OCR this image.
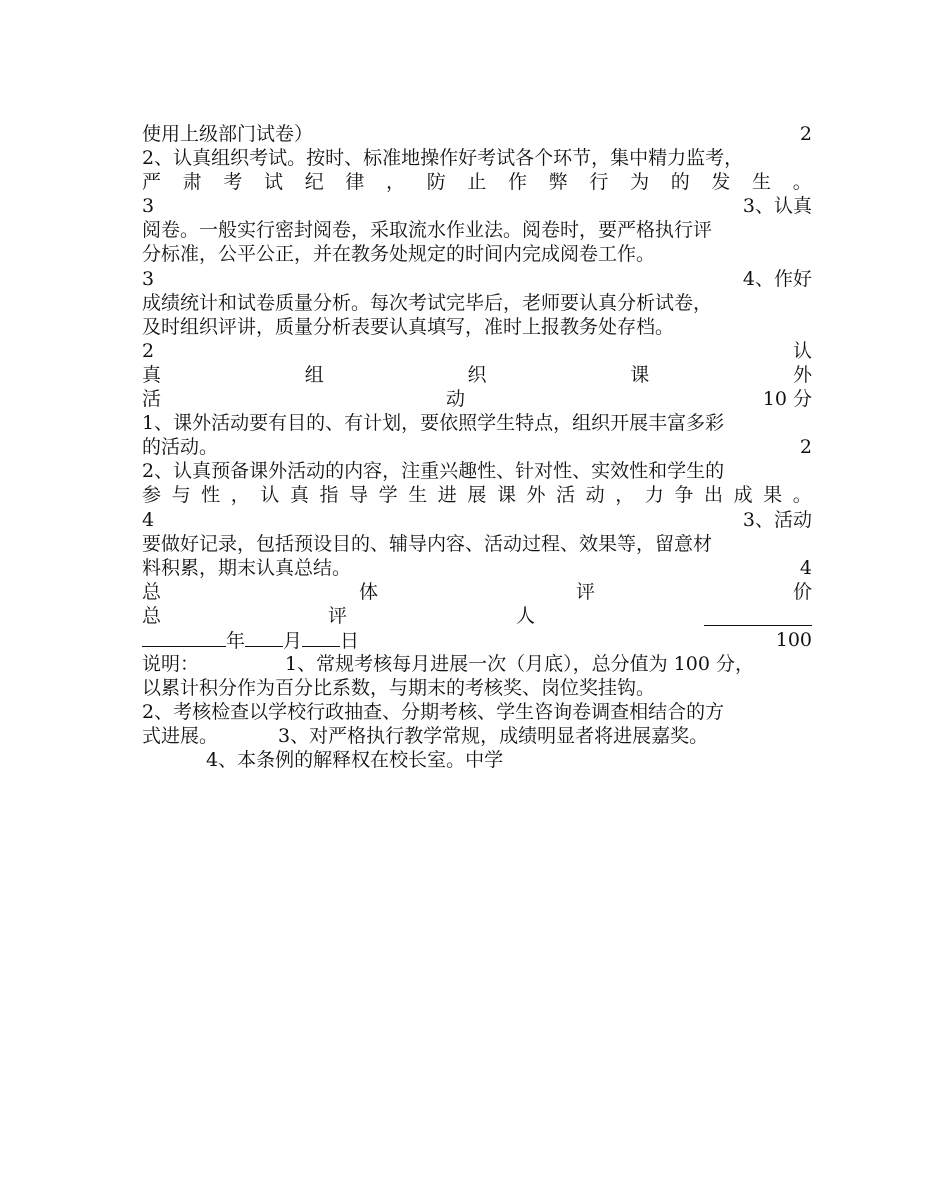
使用上级部门试卷）	2
2、认真组织考试。按时、标准地操作好考试各个环节，集中精力监考，
严 肃 考 试 纪 律 ， 防 止 作 弊 行 为 的 发 生 。
3	3、认真
阅卷。一般实行密封阅卷，采取流水作业法。阅卷时，要严格执行评
分标准，公平公正，并在教务处规定的时间内完成阅卷工作。
3	4、作好
成绩统计和试卷质量分析。每次考试完毕后，老师要认真分析试卷，
及时组织评讲，质量分析表要认真填写，准时上报教务处存档。
2	认
真	组	织	课	外
活	动	10 分
1、课外活动要有目的、有计划，要依照学生特点，组织开展丰富多彩
的活动。	2
2、认真预备课外活动的内容，注重兴趣性、针对性、实效性和学生的
参 与 性 ， 认 真 指 导 学 生 进 展 课 外 活 动 ， 力 争 出 成 果 。
4	3、活动
要做好记录，包括预设目的、辅导内容、活动过程、效果等，留意材
料积累，期末认真总结。	4
总	体	评	价
总	评	人
年 月 日	100
说明：	1、常规考核每月进展一次（月底），总分值为 100 分，
以累计积分作为百分比系数，与期末的考核奖、岗位奖挂钩。
2、考核检查以学校行政抽查、分期考核、学生咨询卷调查相结合的方
式进展。	3、对严格执行教学常规，成绩明显者将进展嘉奖。
4、本条例的解释权在校长室。中学
